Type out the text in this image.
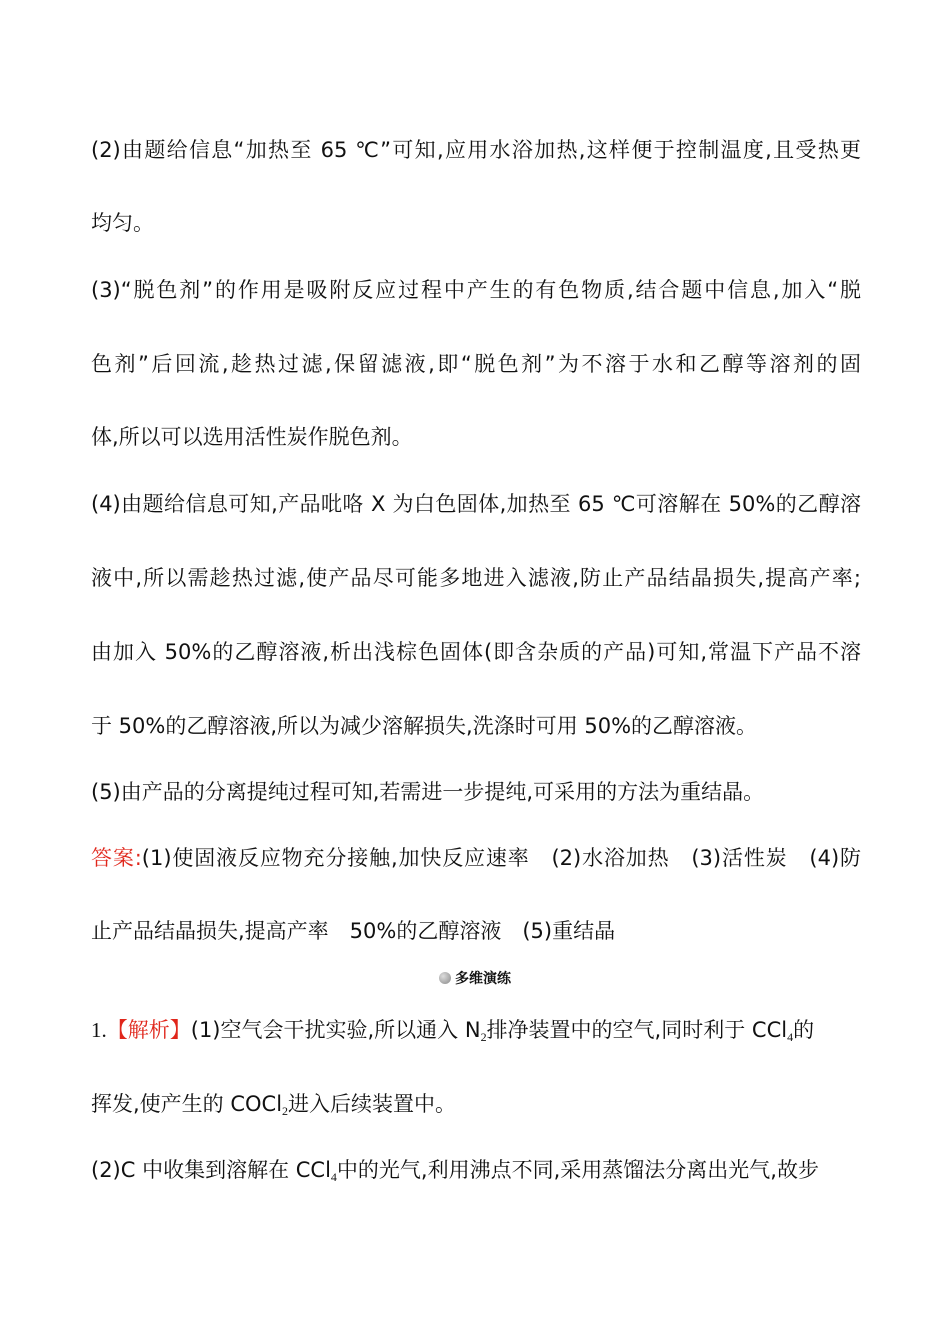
(2)由题给信息“加热至 65 ℃”可知,应用水浴加热,这样便于控制温度,且受热更
均匀。
(3)“脱色剂”的作用是吸附反应过程中产生的有色物质,结合题中信息,加入“脱
色剂”后回流,趁热过滤,保留滤液,即“脱色剂”为不溶于水和乙醇等溶剂的固
体,所以可以选用活性炭作脱色剂。
(4)由题给信息可知,产品吡咯 X 为白色固体,加热至 65 ℃可溶解在 50%的乙醇溶
液中,所以需趁热过滤,使产品尽可能多地进入滤液,防止产品结晶损失,提高产率;
由加入 50%的乙醇溶液,析出浅棕色固体(即含杂质的产品)可知,常温下产品不溶
于 50%的乙醇溶液,所以为减少溶解损失,洗涤时可用 50%的乙醇溶液。
(5)由产品的分离提纯过程可知,若需进一步提纯,可采用的方法为重结晶。
答案:(1)使固液反应物充分接触,加快反应速率　(2)水浴加热　(3)活性炭　(4)防
止产品结晶损失,提高产率　50%的乙醇溶液　(5)重结晶
多维演练
1.【解析】(1)空气会干扰实验,所以通入 $N_2$排净装置中的空气,同时利于 CCl$_4$的
挥发,使产生的 COCl$_2$进入后续装置中。
(2)C 中收集到溶解在 CCl$_4$中的光气,利用沸点不同,采用蒸馏法分离出光气,故步
